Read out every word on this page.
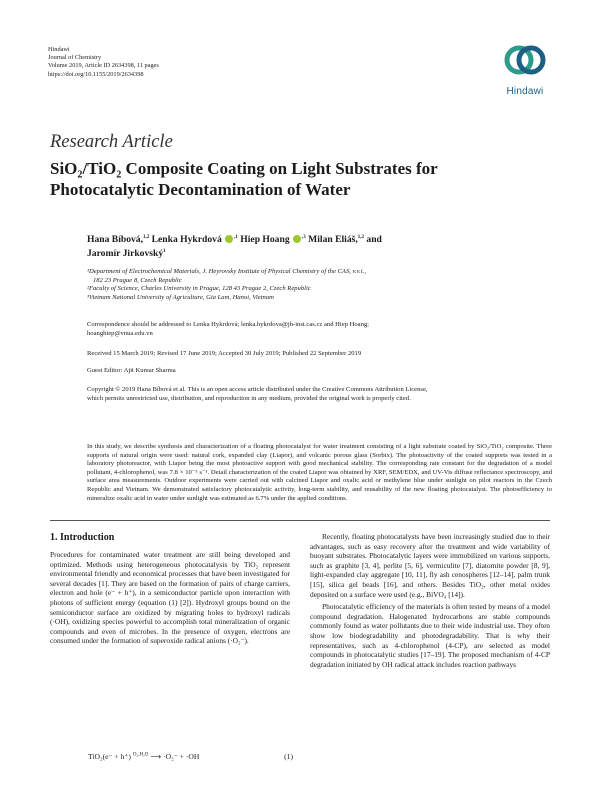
Hindawi
Journal of Chemistry
Volume 2019, Article ID 2634398, 11 pages
https://doi.org/10.1155/2019/2634398
Hindawi
Research Article
SiO₂/TiO₂ Composite Coating on Light Substrates for
Photocatalytic Decontamination of Water
Hana Bíbová,$^{1,2}$ Lenka Hykrdová $^{,1}$ Hiep Hoang $^{,3}$ Milan Eliáš,$^{1,2}$ and
Jaromír Jirkovský$^1$
¹Department of Electrochemical Materials, J. Heyrovsky Institute of Physical Chemistry of the CAS, v.v.i.,
182 23 Prague 8, Czech Republic
²Faculty of Science, Charles University in Prague, 128 43 Prague 2, Czech Republic
³Vietnam National University of Agriculture, Gia Lam, Hanoi, Vietnam
Correspondence should be addressed to Lenka Hykrdová; lenka.hykrdova@jh-inst.cas.cz and Hiep Hoang;
hoanghiep@vnua.edu.vn
Received 15 March 2019; Revised 17 June 2019; Accepted 30 July 2019; Published 22 September 2019
Guest Editor: Ajit Kumar Sharma
Copyright © 2019 Hana Bíbová et al. This is an open access article distributed under the Creative Commons Attribution License,
which permits unrestricted use, distribution, and reproduction in any medium, provided the original work is properly cited.
In this study, we describe synthesis and characterization of a floating photocatalyst for water treatment consisting of a light substrate coated by SiO₂/TiO₂ composite. Three supports of natural origin were used: natural cork, expanded clay (Liapor), and volcanic porous glass (Sorbix). The photoactivity of the coated supports was tested in a laboratory photoreactor, with Liapor being the most photoactive support with good mechanical stability. The corresponding rate constant for the degradation of a model pollutant, 4-chlorophenol, was 7.8 × 10⁻⁵ s⁻¹. Detail characterization of the coated Liapor was obtained by XRF, SEM/EDX, and UV-Vis diffuse reflectance spectroscopy, and surface area measurements. Outdoor experiments were carried out with calcined Liapor and oxalic acid or methylene blue under sunlight on pilot reactors in the Czech Republic and Vietnam. We demonstrated satisfactory photocatalytic activity, long-term stability, and reusability of the new floating photocatalyst. The photoefficiency to mineralize oxalic acid in water under sunlight was estimated as 6.7% under the applied conditions.
1. Introduction
Procedures for contaminated water treatment are still being developed and optimized. Methods using heterogeneous photocatalysis by TiO₂ represent environmental friendly and economical processes that have been investigated for several decades [1]. They are based on the formation of pairs of charge carriers, electron and hole (e⁻ + h⁺), in a semiconductor particle upon interaction with photons of sufficient energy (equation (1) [2]). Hydroxyl groups bound on the semiconductor surface are oxidized by migrating holes to hydroxyl radicals (·OH), oxidizing species powerful to accomplish total mineralization of organic compounds and even of microbes. In the presence of oxygen, electrons are consumed under the formation of superoxide radical anions (·O₂⁻).
TiO₂(e⁻ + h⁺) $^{O_2,H_2O}$ ⟶ ·O₂⁻ + ·OH	(1)
Recently, floating photocatalysts have been increasingly studied due to their advantages, such as easy recovery after the treatment and wide variability of buoyant substrates. Photocatalytic layers were immobilized on various supports, such as graphite [3, 4], perlite [5, 6], vermiculite [7], diatomite powder [8, 9], light-expanded clay aggregate [10, 11], fly ash cenospheres [12–14], palm trunk [15], silica gel beads [16], and others. Besides TiO₂, other metal oxides deposited on a surface were used (e.g., BiVO₄ [14]).
Photocatalytic efficiency of the materials is often tested by means of a model compound degradation. Halogenated hydrocarbons are stable compounds commonly found as water pollutants due to their wide industrial use. They often show low biodegradability and photodegradability. That is why their representatives, such as 4-chlorophenol (4-CP), are selected as model compounds in photocatalytic studies [17–19]. The proposed mechanism of 4-CP degradation initiated by OH radical attack includes reaction pathways
